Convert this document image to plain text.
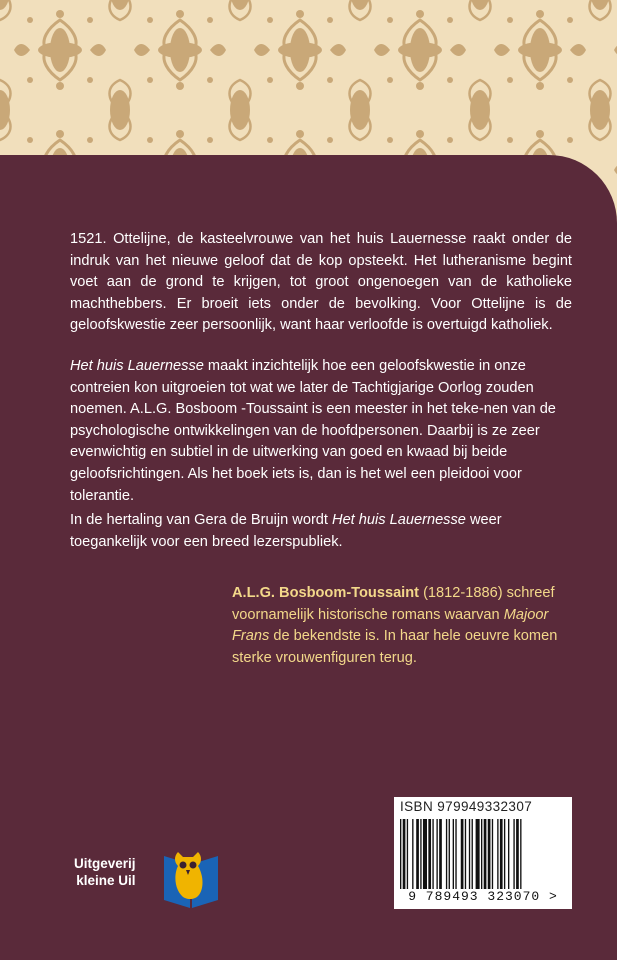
1521. Ottelijne, de kasteelvrouwe van het huis Lauernesse raakt onder de indruk van het nieuwe geloof dat de kop opsteekt. Het lutheranisme begint voet aan de grond te krijgen, tot groot ongenoegen van de katholieke machthebbers. Er broeit iets onder de bevolking. Voor Ottelijne is de geloofskwestie zeer persoonlijk, want haar verloofde is overtuigd katholiek.

Het huis Lauernesse maakt inzichtelijk hoe een geloofskwestie in onze contreien kon uitgroeien tot wat we later de Tachtigjarige Oorlog zouden noemen. A.L.G. Bosboom -Toussaint is een meester in het teke-nen van de psychologische ontwikkelingen van de hoofdpersonen. Daarbij is ze zeer evenwichtig en subtiel in de uitwerking van goed en kwaad bij beide geloofsrichtingen. Als het boek iets is, dan is het wel een pleidooi voor tolerantie.

In de hertaling van Gera de Bruijn wordt Het huis Lauernesse weer toegankelijk voor een breed lezerspubliek.

A.L.G. Bosboom-Toussaint (1812-1886) schreef voornamelijk historische romans waarvan Majoor Frans de bekendste is. In haar hele oeuvre komen sterke vrouwenfiguren terug.

ISBN 979949332307
9 789493 323070 >
Uitgeverij
kleine Uil
